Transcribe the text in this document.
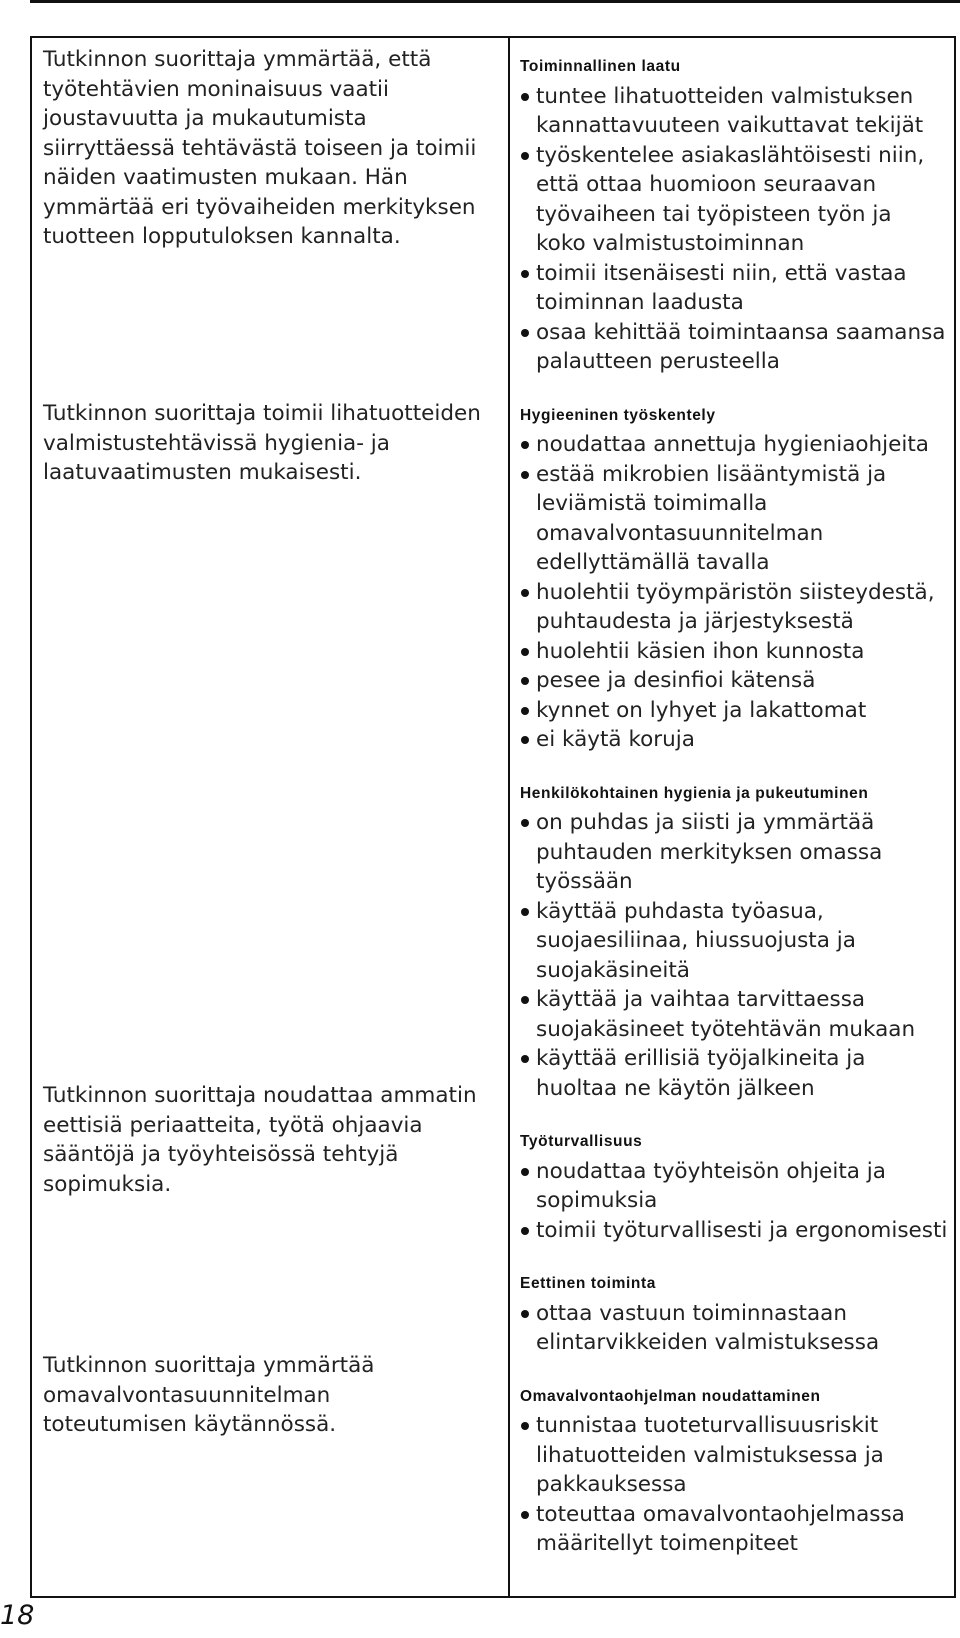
Tutkinnon suorittaja ymmärtää, että työtehtävien moninaisuus vaatii joustavuutta ja mukautumista siirryttäessä tehtävästä toiseen ja toimii näiden vaatimusten mukaan. Hän ymmärtää eri työvaiheiden merkityksen tuotteen lopputuloksen kannalta.
Tutkinnon suorittaja toimii lihatuotteiden valmistustehtävissä hygienia- ja laatuvaatimusten mukaisesti.
Tutkinnon suorittaja noudattaa ammatin eettisiä periaatteita, työtä ohjaavia sääntöjä ja työyhteisössä tehtyjä sopimuksia.
Tutkinnon suorittaja ymmärtää omavalvontasuunnitelman toteutumisen käytännössä.
Toiminnallinen laatu
tuntee lihatuotteiden valmistuksen kannattavuuteen vaikuttavat tekijät
työskentelee asiakaslähtöisesti niin, että ottaa huomioon seuraavan työvaiheen tai työpisteen työn ja koko valmistustoiminnan
toimii itsenäisesti niin, että vastaa toiminnan laadusta
osaa kehittää toimintaansa saamansa palautteen perusteella
Hygieeninen työskentely
noudattaa annettuja hygieniaohjeita
estää mikrobien lisääntymistä ja leviämistä toimimalla omavalvontasuunnitelman edellyttämällä tavalla
huolehtii työympäristön siisteydestä, puhtaudesta ja järjestyksestä
huolehtii käsien ihon kunnosta
pesee ja desinfioi kätensä
kynnet on lyhyet ja lakattomat
ei käytä koruja
Henkilökohtainen hygienia ja pukeutuminen
on puhdas ja siisti ja ymmärtää puhtauden merkityksen omassa työssään
käyttää puhdasta työasua, suojaesiliinaa, hiussuojusta ja suojakäsineitä
käyttää ja vaihtaa tarvittaessa suojakäsineet työtehtävän mukaan
käyttää erillisiä työjalkineita ja huoltaa ne käytön jälkeen
Työturvallisuus
noudattaa työyhteisön ohjeita ja sopimuksia
toimii työturvallisesti ja ergonomisesti
Eettinen toiminta
ottaa vastuun toiminnastaan elintarvikkeiden valmistuksessa
Omavalvontaohjelman noudattaminen
tunnistaa tuoteturvallisuusriskit lihatuotteiden valmistuksessa ja pakkauksessa
toteuttaa omavalvontaohjelmassa määritellyt toimenpiteet
18
